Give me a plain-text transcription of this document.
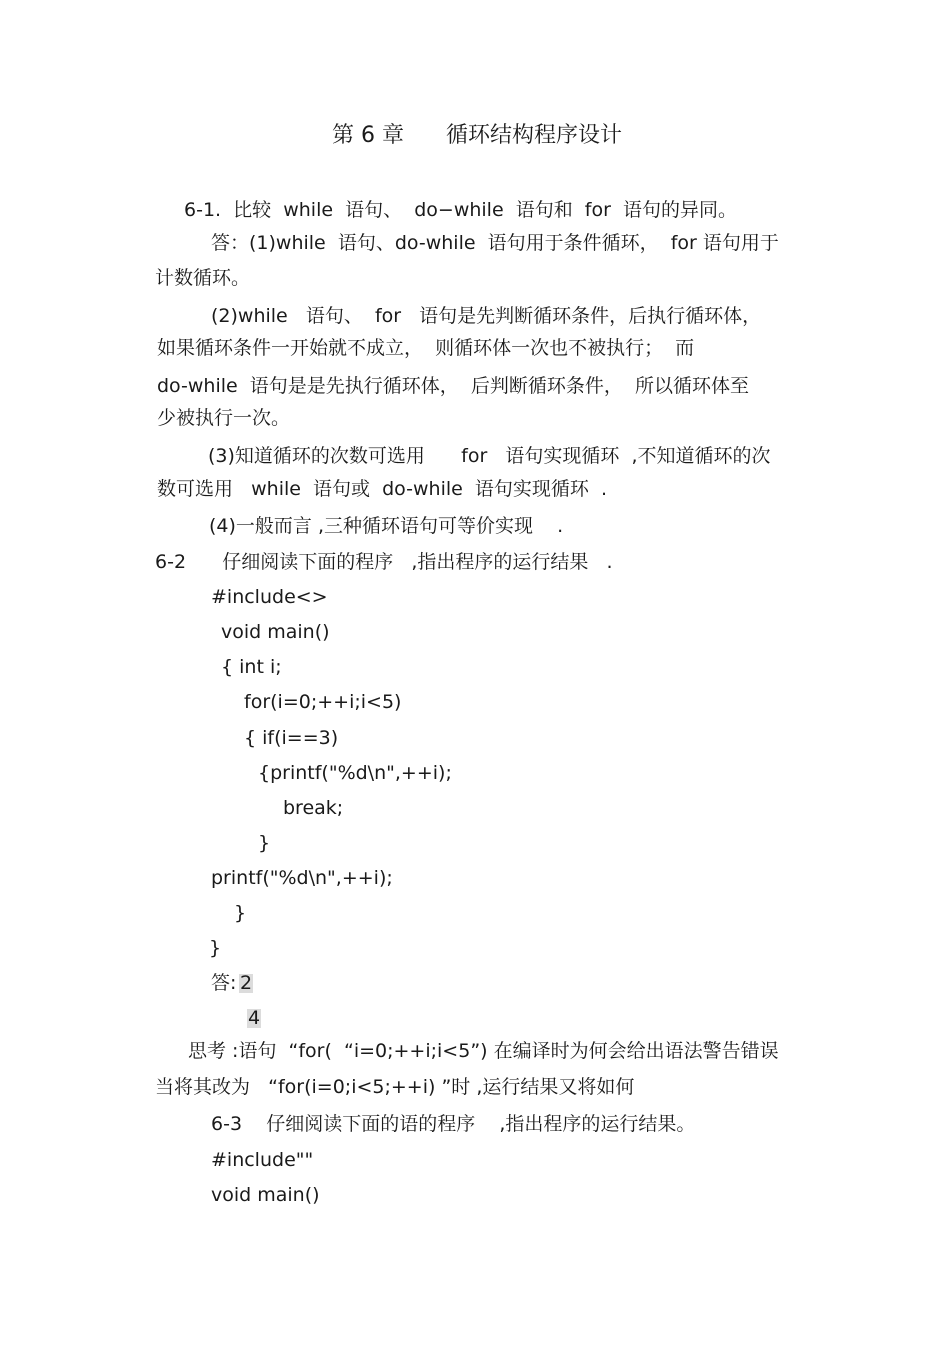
第 6 章      循环结构程序设计
6-1.  比较  while  语句、  do−while  语句和  for  语句的异同。
答：(1)while  语句、do-while  语句用于条件循环，  for 语句用于
计数循环。
(2)while   语句、  for   语句是先判断循环条件，后执行循环体，
如果循环条件一开始就不成立，  则循环体一次也不被执行；  而
do-while  语句是是先执行循环体，  后判断循环条件，  所以循环体至
少被执行一次。
(3)知道循环的次数可选用      for   语句实现循环  ,不知道循环的次
数可选用   while  语句或  do-while  语句实现循环  .
(4)一般而言 ,三种循环语句可等价实现    .
6-2      仔细阅读下面的程序   ,指出程序的运行结果   .
#include<>
void main()
{ int i;
for(i=0;++i;i<5)
{ if(i==3)
{printf("%d\n",++i);
break;
}
printf("%d\n",++i);
}
}
答: 2
4
思考 :语句  “for(  “i=0;++i;i<5”) 在编译时为何会给出语法警告错误
当将其改为   “for(i=0;i<5;++i) ”时 ,运行结果又将如何
6-3    仔细阅读下面的语的程序    ,指出程序的运行结果。
#include""
void main()
